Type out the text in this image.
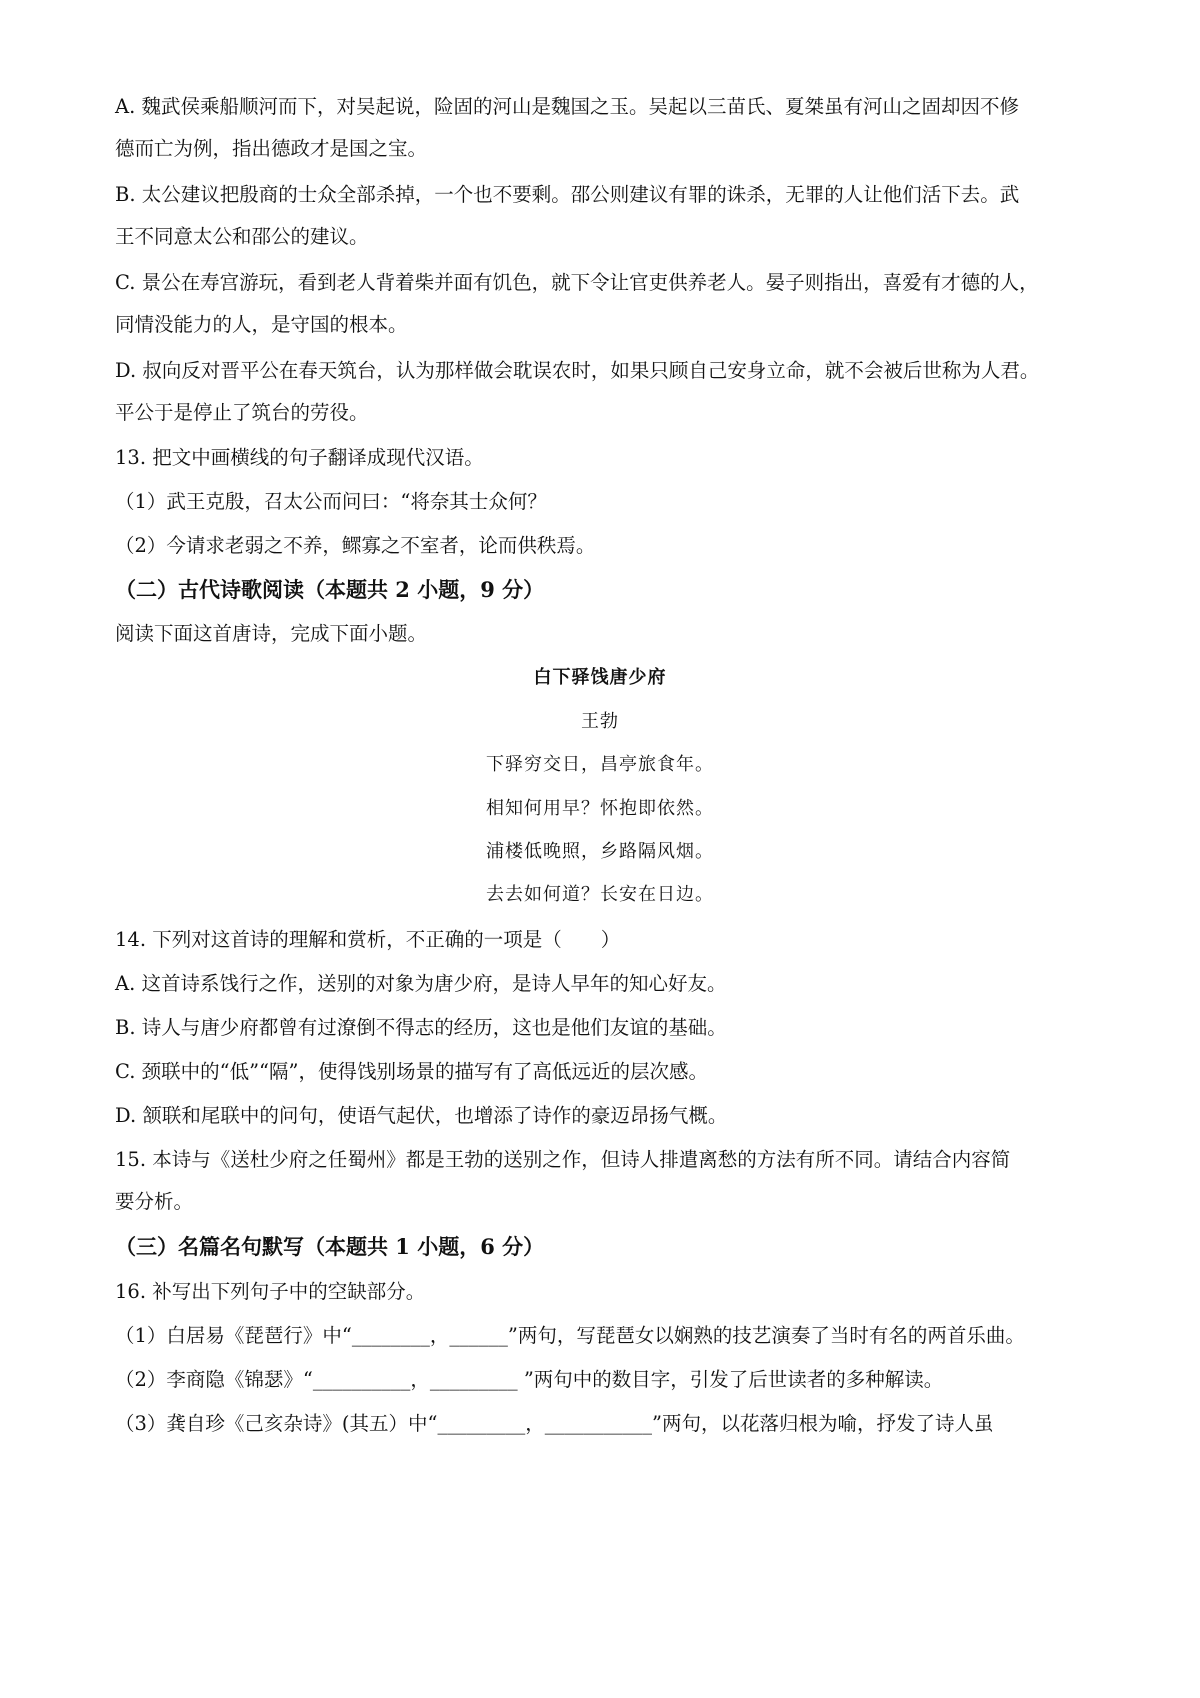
A. 魏武侯乘船顺河而下，对吴起说，险固的河山是魏国之玉。吴起以三苗氏、夏桀虽有河山之固却因不修
德而亡为例，指出德政才是国之宝。
B. 太公建议把殷商的士众全部杀掉，一个也不要剩。邵公则建议有罪的诛杀，无罪的人让他们活下去。武
王不同意太公和邵公的建议。
C. 景公在寿宫游玩，看到老人背着柴并面有饥色，就下令让官吏供养老人。晏子则指出，喜爱有才德的人，
同情没能力的人，是守国的根本。
D. 叔向反对晋平公在春天筑台，认为那样做会耽误农时，如果只顾自己安身立命，就不会被后世称为人君。
平公于是停止了筑台的劳役。
13. 把文中画横线的句子翻译成现代汉语。
（1）武王克殷，召太公而问曰：“将奈其士众何？
（2）今请求老弱之不养，鳏寡之不室者，论而供秩焉。
（二）古代诗歌阅读（本题共 2 小题，9 分）
阅读下面这首唐诗，完成下面小题。
白下驿饯唐少府
王勃
下驿穷交日，昌亭旅食年。
相知何用早？怀抱即依然。
浦楼低晚照，乡路隔风烟。
去去如何道？长安在日边。
14. 下列对这首诗的理解和赏析，不正确的一项是（　　）
A. 这首诗系饯行之作，送别的对象为唐少府，是诗人早年的知心好友。
B. 诗人与唐少府都曾有过潦倒不得志的经历，这也是他们友谊的基础。
C. 颈联中的“低”“隔”，使得饯别场景的描写有了高低远近的层次感。
D. 颔联和尾联中的问句，使语气起伏，也增添了诗作的豪迈昂扬气概。
15. 本诗与《送杜少府之任蜀州》都是王勃的送别之作，但诗人排遣离愁的方法有所不同。请结合内容简
要分析。
（三）名篇名句默写（本题共 1 小题，6 分）
16. 补写出下列句子中的空缺部分。
（1）白居易《琵琶行》中“________，______”两句，写琵琶女以娴熟的技艺演奏了当时有名的两首乐曲。
（2）李商隐《锦瑟》“__________，_________ ”两句中的数目字，引发了后世读者的多种解读。
（3）龚自珍《己亥杂诗》(其五）中“_________，___________”两句，以花落归根为喻，抒发了诗人虽
